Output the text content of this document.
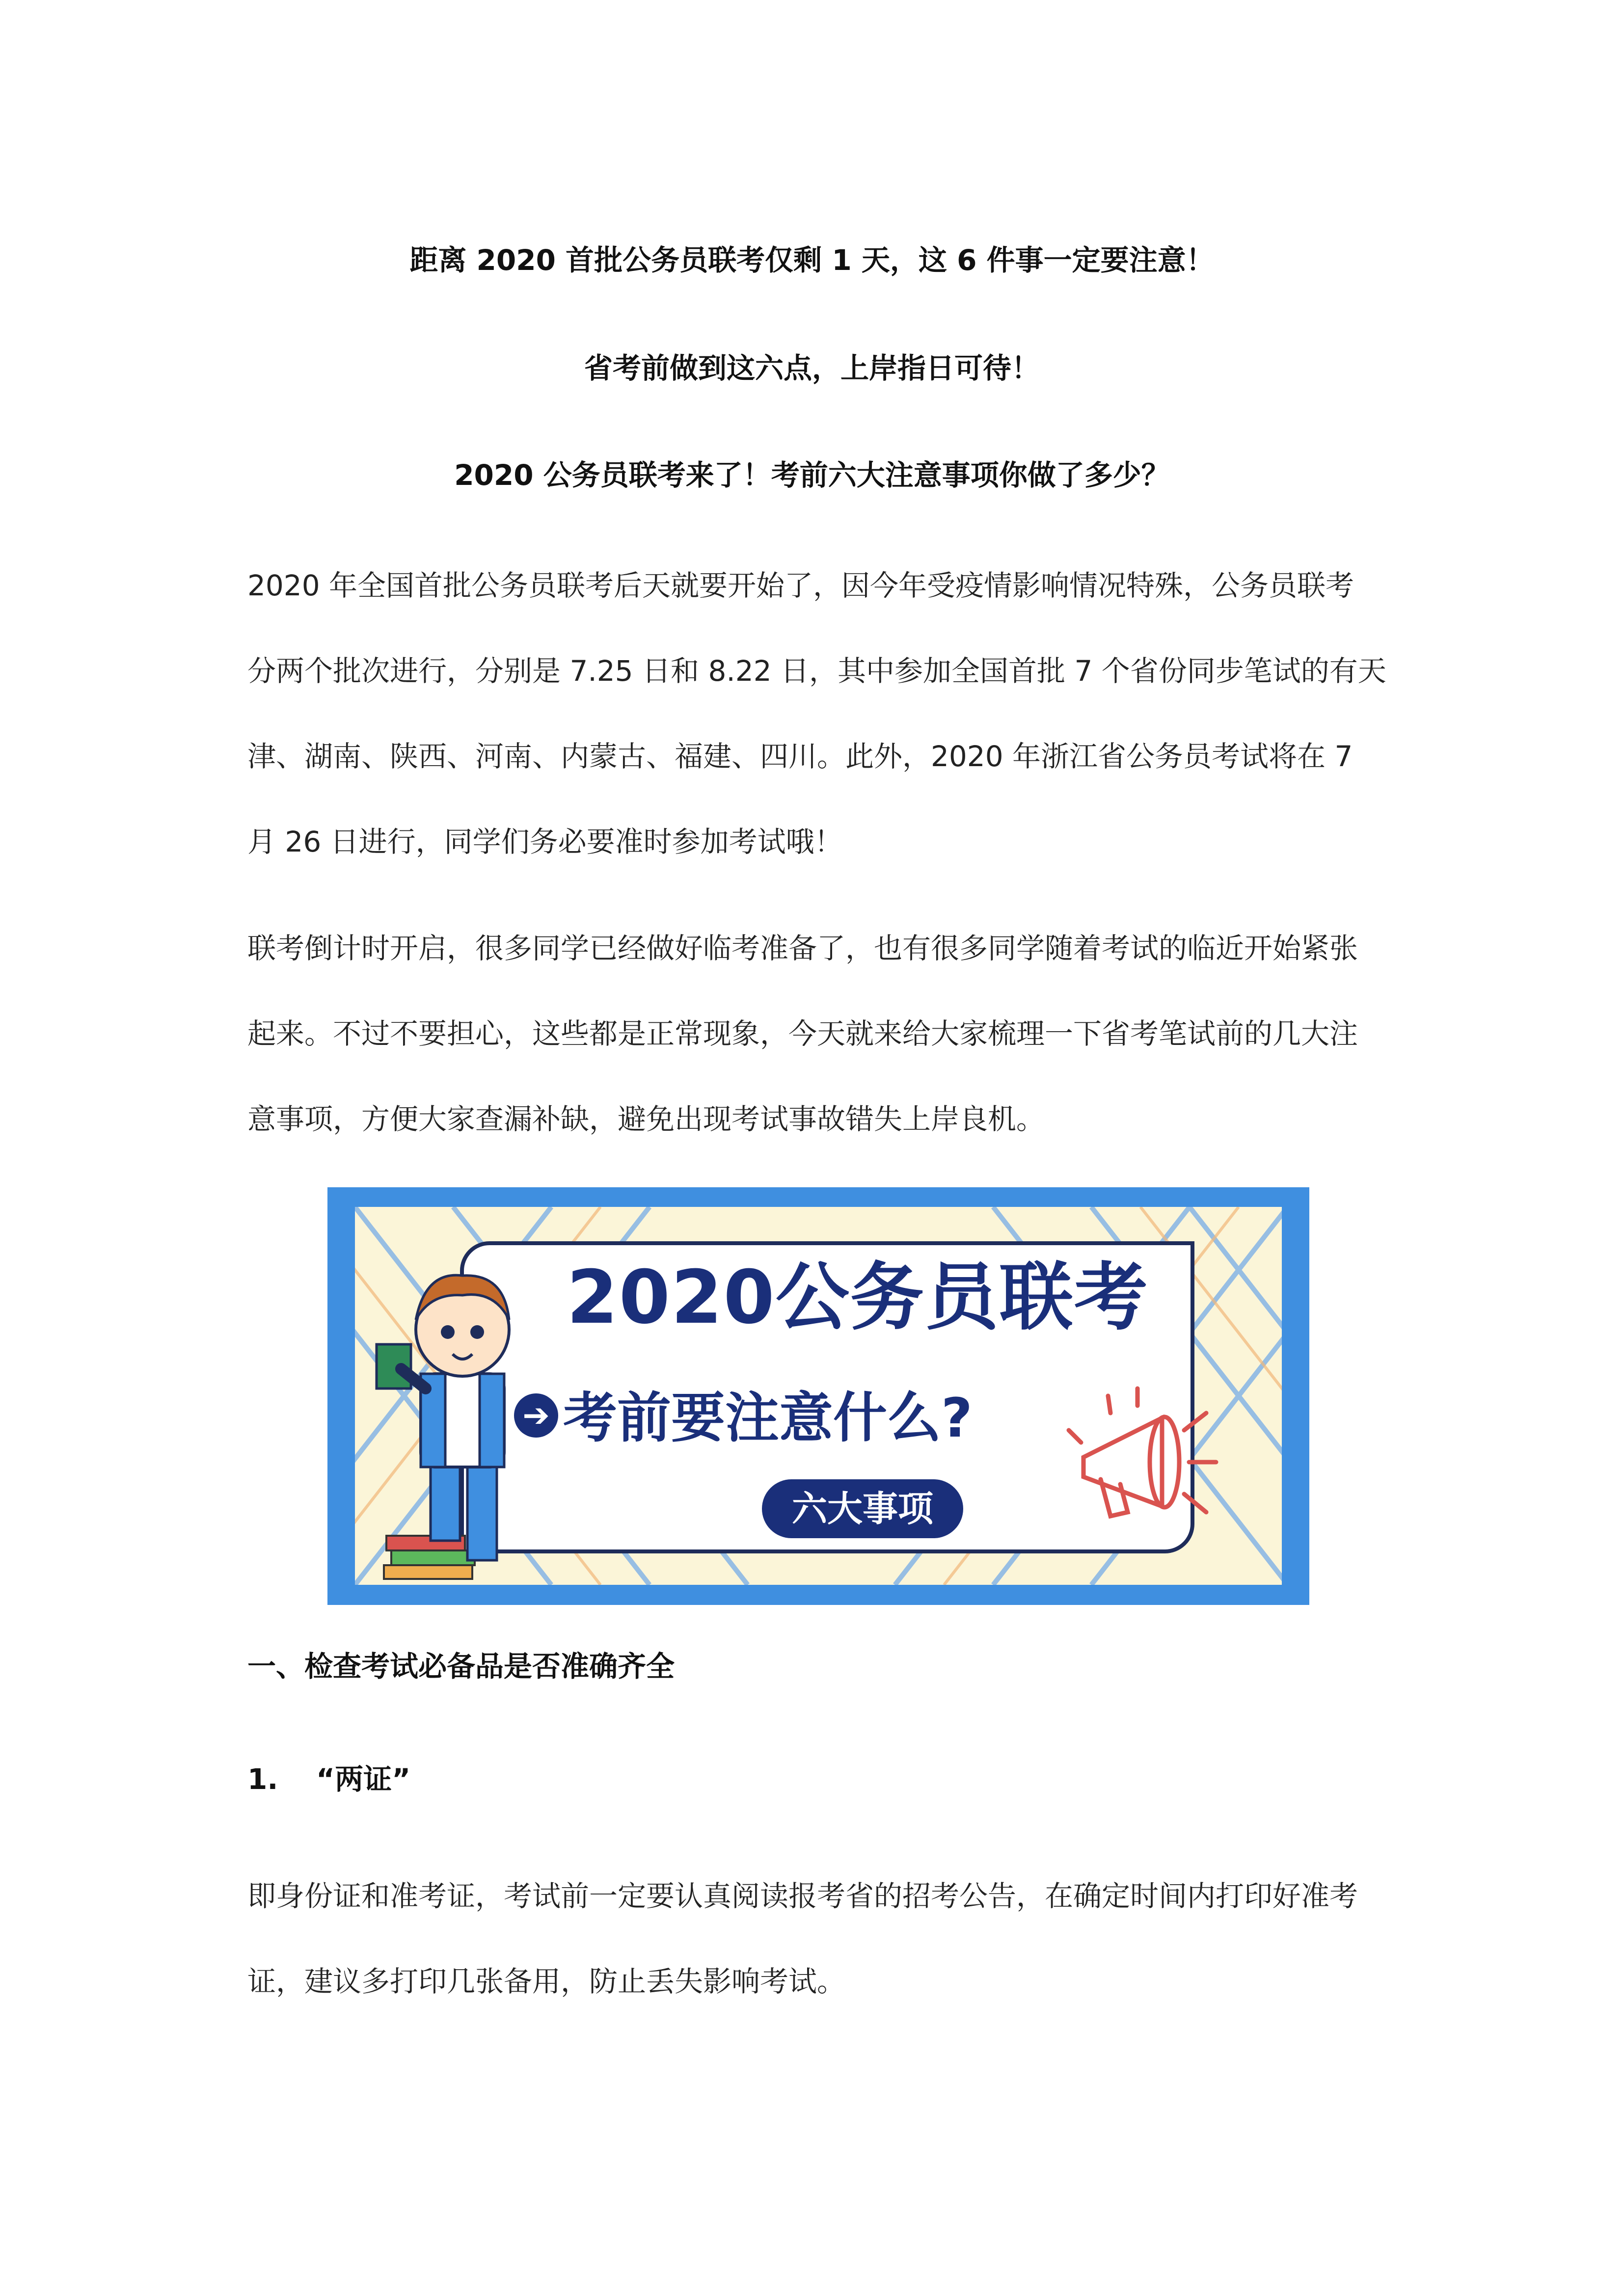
距离 2020 首批公务员联考仅剩 1 天，这 6 件事一定要注意！
省考前做到这六点，上岸指日可待！
2020 公务员联考来了！考前六大注意事项你做了多少？
2020 年全国首批公务员联考后天就要开始了，因今年受疫情影响情况特殊，公务员联考
分两个批次进行，分别是 7.25 日和 8.22 日，其中参加全国首批 7 个省份同步笔试的有天
津、湖南、陕西、河南、内蒙古、福建、四川。此外，2020 年浙江省公务员考试将在 7
月 26 日进行，同学们务必要准时参加考试哦！
联考倒计时开启，很多同学已经做好临考准备了，也有很多同学随着考试的临近开始紧张
起来。不过不要担心，这些都是正常现象，今天就来给大家梳理一下省考笔试前的几大注
意事项，方便大家查漏补缺，避免出现考试事故错失上岸良机。
2020公务员联考
➔ 考前要注意什么?
六大事项
一、检查考试必备品是否准确齐全
1. “两证”
即身份证和准考证，考试前一定要认真阅读报考省的招考公告，在确定时间内打印好准考
证，建议多打印几张备用，防止丢失影响考试。
